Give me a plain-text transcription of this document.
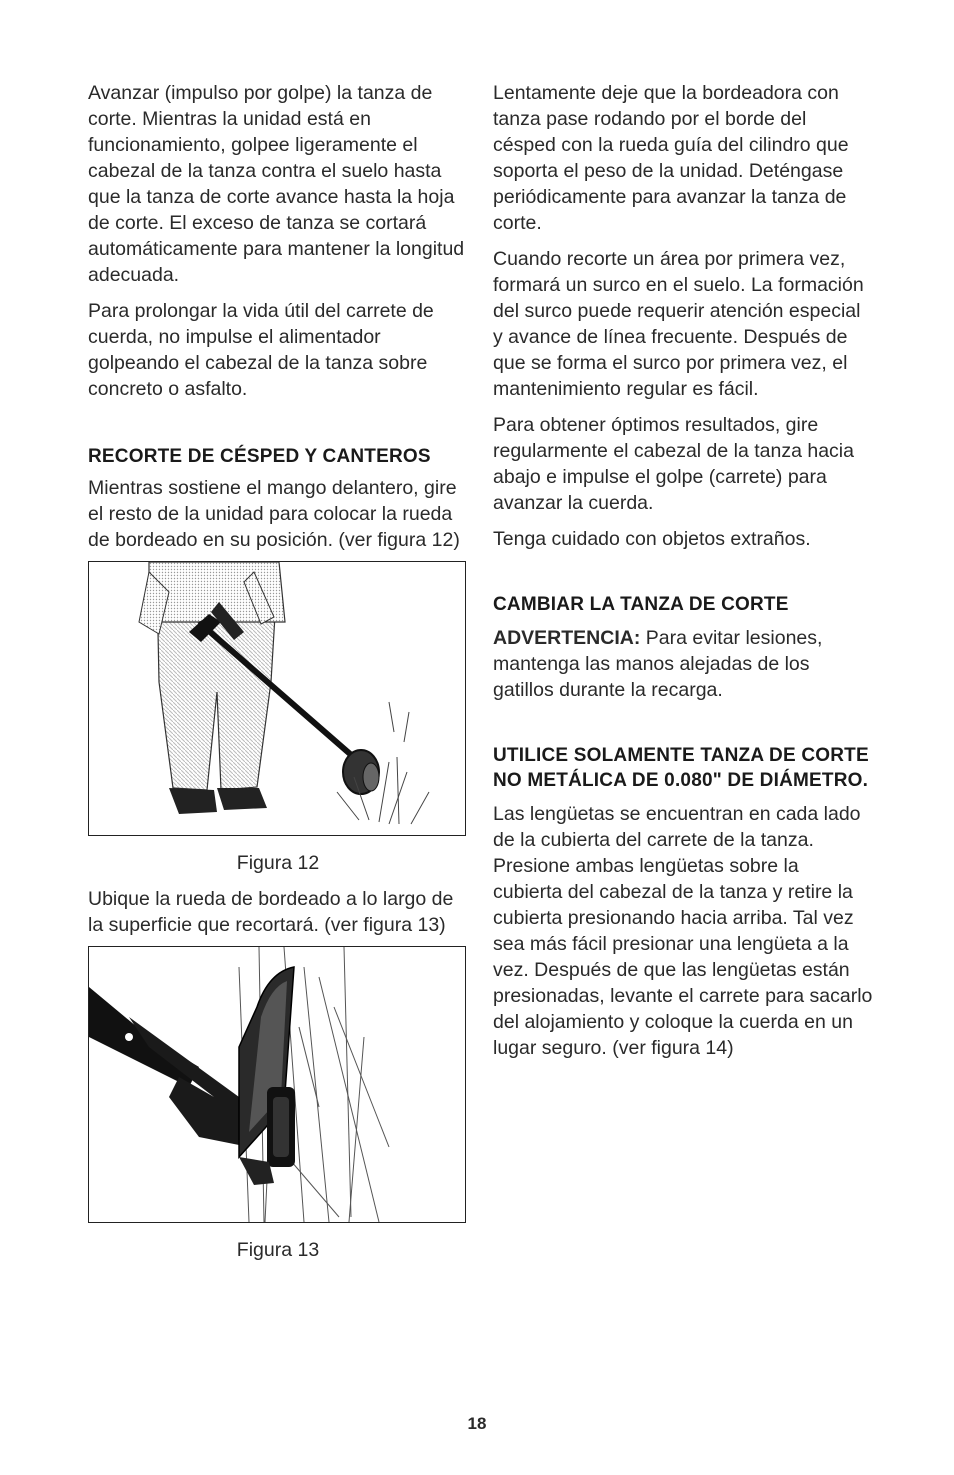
Avanzar (impulso por golpe) la tanza de corte. Mientras la unidad está en funcionamiento, golpee ligeramente el cabezal de la tanza contra el suelo hasta que la tanza de corte avance hasta la hoja de corte. El exceso de tanza se cortará automáticamente para mantener la longitud adecuada.

Para prolongar la vida útil del carrete de cuerda, no impulse el alimentador golpeando el cabezal de la tanza sobre concreto o asfalto.

RECORTE DE CÉSPED Y CANTEROS

Mientras sostiene el mango delantero, gire el resto de la unidad para colocar la rueda de bordeado en su posición. (ver figura 12)

Figura 12

Ubique la rueda de bordeado a lo largo de la superficie que recortará. (ver figura 13)

Figura 13

Lentamente deje que la bordeadora con tanza pase rodando por el borde del césped con la rueda guía del cilindro que soporta el peso de la unidad. Deténgase periódicamente para avanzar la tanza de corte.

Cuando recorte un área por primera vez, formará un surco en el suelo. La formación del surco puede requerir atención especial y avance de línea frecuente. Después de que se forma el surco por primera vez, el mantenimiento regular es fácil.

Para obtener óptimos resultados, gire regularmente el cabezal de la tanza hacia abajo e impulse el golpe (carrete) para avanzar la cuerda.

Tenga cuidado con objetos extraños.

CAMBIAR LA TANZA DE CORTE

ADVERTENCIA: Para evitar lesiones, mantenga las manos alejadas de los gatillos durante la recarga.

UTILICE SOLAMENTE TANZA DE CORTE NO METÁLICA DE 0.080" DE DIÁMETRO.

Las lengüetas se encuentran en cada lado de la cubierta del carrete de la tanza. Presione ambas lengüetas sobre la cubierta del cabezal de la tanza y retire la cubierta presionando hacia arriba. Tal vez sea más fácil presionar una lengüeta a la vez. Después de que las lengüetas están presionadas, levante el carrete para sacarlo del alojamiento y coloque la cuerda en un lugar seguro. (ver figura 14)

18
